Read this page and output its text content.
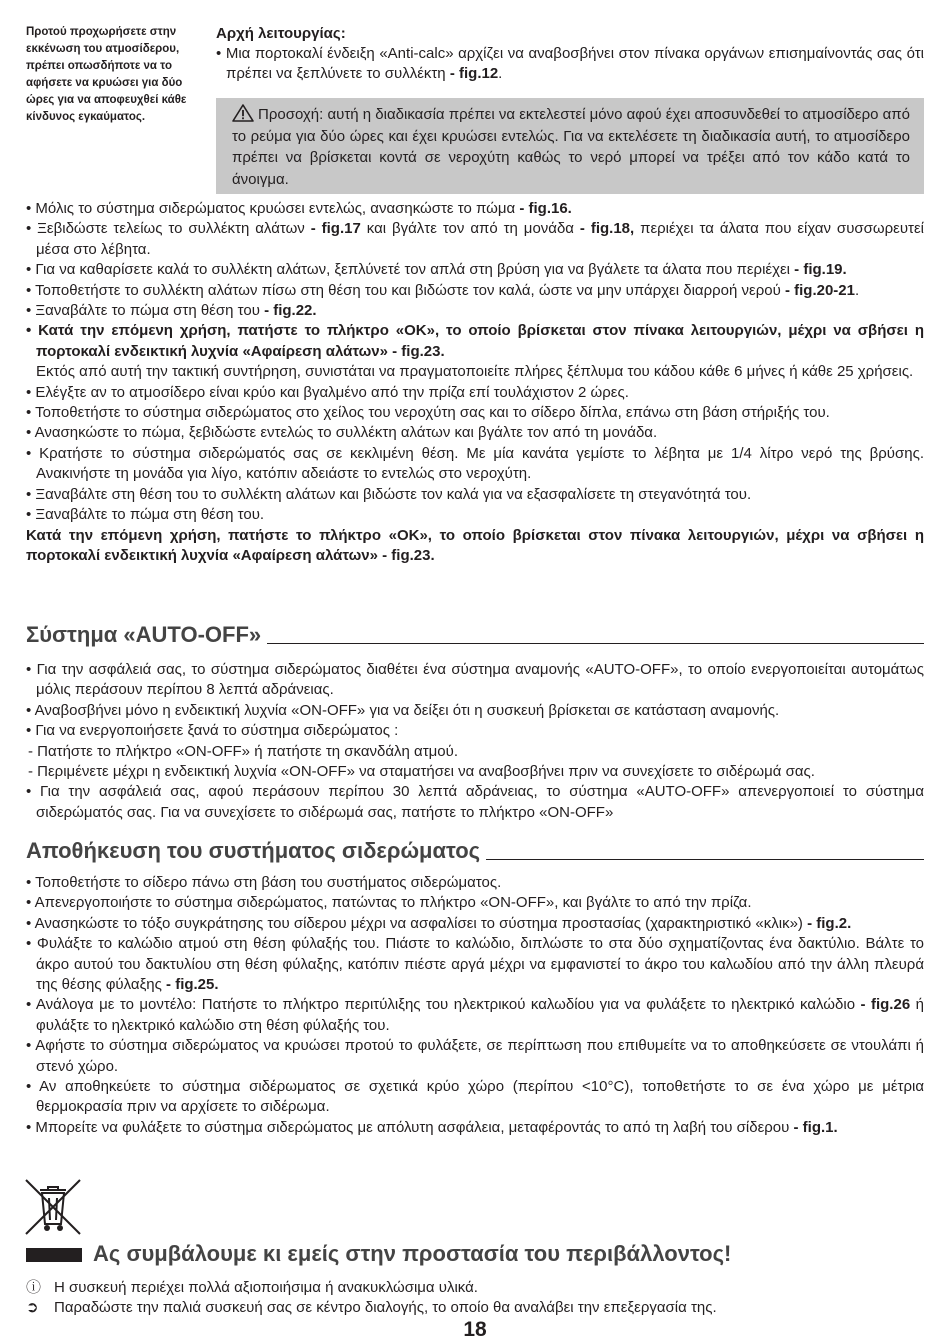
Προτού προχωρήσετε στην εκκένωση του ατμοσίδερου, πρέπει οπωσδήποτε να το αφήσετε να κρυώσει για δύο ώρες για να αποφευχθεί κάθε κίνδυνος εγκαύματος.
Αρχή λειτουργίας:
• Μια πορτοκαλί ένδειξη «Anti-calc» αρχίζει να αναβοσβήνει στον πίνακα οργάνων επισημαίνοντάς σας ότι πρέπει να ξεπλύνετε το συλλέκτη - fig.12.
Προσοχή: αυτή η διαδικασία πρέπει να εκτελεστεί μόνο αφού έχει αποσυνδεθεί το ατμοσίδερο από το ρεύμα για δύο ώρες και έχει κρυώσει εντελώς. Για να εκτελέσετε τη διαδικασία αυτή, το ατμοσίδερο πρέπει να βρίσκεται κοντά σε νεροχύτη καθώς το νερό μπορεί να τρέξει από τον κάδο κατά το άνοιγμα.

• Μόλις το σύστημα σιδερώματος κρυώσει εντελώς, ανασηκώστε το πώμα - fig.16.

• Ξεβιδώστε τελείως το συλλέκτη αλάτων - fig.17 και βγάλτε τον από τη μονάδα - fig.18, περιέχει τα άλατα που είχαν συσσωρευτεί μέσα στο λέβητα.

• Για να καθαρίσετε καλά το συλλέκτη αλάτων, ξεπλύνετέ τον απλά στη βρύση για να βγάλετε τα άλατα που περιέχει - fig.19.

• Τοποθετήστε το συλλέκτη αλάτων πίσω στη θέση του και βιδώστε τον καλά, ώστε να μην υπάρχει διαρροή νερού - fig.20-21.

• Ξαναβάλτε το πώμα στη θέση του - fig.22.

• Κατά την επόμενη χρήση, πατήστε το πλήκτρο «OK», το οποίο βρίσκεται στον πίνακα λειτουργιών, μέχρι να σβήσει η πορτοκαλί ενδεικτική λυχνία «Αφαίρεση αλάτων» - fig.23.

Εκτός από αυτή την τακτική συντήρηση, συνιστάται να πραγματοποιείτε πλήρες ξέπλυμα του κάδου κάθε 6 μήνες ή κάθε 25 χρήσεις.

• Ελέγξτε αν το ατμοσίδερο είναι κρύο και βγαλμένο από την πρίζα επί τουλάχιστον 2 ώρες.

• Τοποθετήστε το σύστημα σιδερώματος στο χείλος του νεροχύτη σας και το σίδερο δίπλα, επάνω στη βάση στήριξής του.

• Ανασηκώστε το πώμα, ξεβιδώστε εντελώς το συλλέκτη αλάτων και βγάλτε τον από τη μονάδα.

• Κρατήστε το σύστημα σιδερώματός σας σε κεκλιμένη θέση. Με μία κανάτα γεμίστε το λέβητα με 1/4 λίτρο νερό της βρύσης. Ανακινήστε τη μονάδα για λίγο, κατόπιν αδειάστε το εντελώς στο νεροχύτη.

• Ξαναβάλτε στη θέση του το συλλέκτη αλάτων και βιδώστε τον καλά για να εξασφαλίσετε τη στεγανότητά του.

• Ξαναβάλτε το πώμα στη θέση του.

Κατά την επόμενη χρήση, πατήστε το πλήκτρο «OK», το οποίο βρίσκεται στον πίνακα λειτουργιών, μέχρι να σβήσει η πορτοκαλί ενδεικτική λυχνία «Αφαίρεση αλάτων» - fig.23.

Σύστημα «AUTO-OFF»

• Για την ασφάλειά σας, το σύστημα σιδερώματος διαθέτει ένα σύστημα αναμονής «AUTO-OFF», το οποίο ενεργοποιείται αυτομάτως μόλις περάσουν περίπου 8 λεπτά αδράνειας.

• Αναβοσβήνει μόνο η ενδεικτική λυχνία «ON-OFF» για να δείξει ότι η συσκευή βρίσκεται σε κατάσταση αναμονής.

• Για να ενεργοποιήσετε ξανά το σύστημα σιδερώματος :

- Πατήστε το πλήκτρο «ON-OFF» ή πατήστε τη σκανδάλη ατμού.

- Περιμένετε μέχρι η ενδεικτική λυχνία «ON-OFF» να σταματήσει να αναβοσβήνει πριν να συνεχίσετε το σιδέρωμά σας.

• Για την ασφάλειά σας, αφού περάσουν περίπου 30 λεπτά αδράνειας, το σύστημα «AUTO-OFF» απενεργοποιεί το σύστημα σιδερώματός σας. Για να συνεχίσετε το σιδέρωμά σας, πατήστε το πλήκτρο «ON-OFF»

Αποθήκευση του συστήματος σιδερώματος

• Τοποθετήστε το σίδερο πάνω στη βάση του συστήματος σιδερώματος.

• Απενεργοποιήστε το σύστημα σιδερώματος, πατώντας το πλήκτρο «ON-OFF», και βγάλτε το από την πρίζα.

• Ανασηκώστε το τόξο συγκράτησης του σίδερου μέχρι να ασφαλίσει το σύστημα προστασίας (χαρακτηριστικό «κλικ») - fig.2.

• Φυλάξτε το καλώδιο ατμού στη θέση φύλαξής του. Πιάστε το καλώδιο, διπλώστε το στα δύο σχηματίζοντας ένα δακτύλιο. Βάλτε το άκρο αυτού του δακτυλίου στη θέση φύλαξης, κατόπιν πιέστε αργά μέχρι να εμφανιστεί το άκρο του καλωδίου από την άλλη πλευρά της θέσης φύλαξης - fig.25.

• Ανάλογα με το μοντέλο: Πατήστε το πλήκτρο περιτύλιξης του ηλεκτρικού καλωδίου για να φυλάξετε το ηλεκτρικό καλώδιο - fig.26 ή φυλάξτε το ηλεκτρικό καλώδιο στη θέση φύλαξής του.

• Αφήστε το σύστημα σιδερώματος να κρυώσει προτού το φυλάξετε, σε περίπτωση που επιθυμείτε να το αποθηκεύσετε σε ντουλάπι ή στενό χώρο.

• Αν αποθηκεύετε το σύστημα σιδέρωματος σε σχετικά κρύο χώρο (περίπου <10°C), τοποθετήστε το σε ένα χώρο με μέτρια θερμοκρασία πριν να αρχίσετε το σιδέρωμα.

• Μπορείτε να φυλάξετε το σύστημα σιδερώματος με απόλυτη ασφάλεια, μεταφέροντάς το από τη λαβή του σίδερου - fig.1.

Ας συμβάλουμε κι εμείς στην προστασία του περιβάλλοντος!
ⓘ Η συσκευή περιέχει πολλά αξιοποιήσιμα ή ανακυκλώσιμα υλικά.
➲	Παραδώστε την παλιά συσκευή σας σε κέντρο διαλογής, το οποίο θα αναλάβει την επεξεργασία της.
18
